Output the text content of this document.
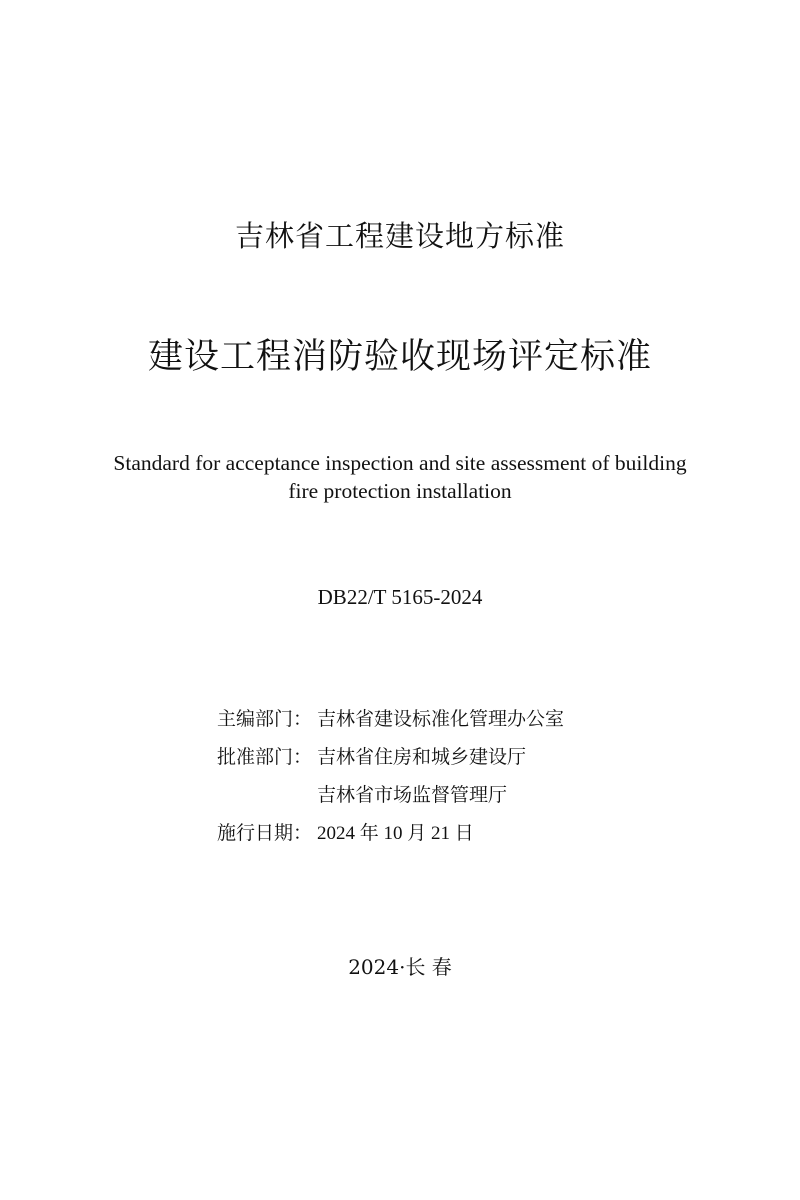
吉林省工程建设地方标准
建设工程消防验收现场评定标准
Standard for acceptance inspection and site assessment of building
fire protection installation
DB22/T 5165-2024
主编部门： 吉林省建设标准化管理办公室
批准部门： 吉林省住房和城乡建设厅
吉林省市场监督管理厅
施行日期： 2024 年 10 月 21 日
2024·长 春
